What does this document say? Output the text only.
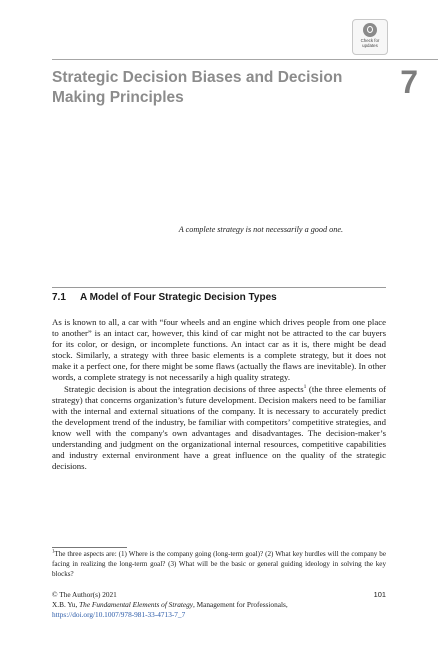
Check for
updates
Strategic Decision Biases and Decision Making Principles	7
A complete strategy is not necessarily a good one.
7.1 A Model of Four Strategic Decision Types

As is known to all, a car with “four wheels and an engine which drives people from one place to another” is an intact car, however, this kind of car might not be attracted to the car buyers for its color, or design, or incomplete functions. An intact car as it is, there might be dead stock. Similarly, a strategy with three basic elements is a complete strategy, but it does not make it a perfect one, for there might be some flaws (actually the flaws are inevitable). In other words, a complete strategy is not necessarily a high quality strategy.

Strategic decision is about the integration decisions of three aspects$^1$ (the three elements of strategy) that concerns organization’s future development. Decision makers need to be familiar with the internal and external situations of the company. It is necessary to accurately predict the development trend of the industry, be familiar with competitors’ competitive strategies, and know well with the company's own advantages and disadvantages. The decision-maker’s understanding and judgment on the organizational internal resources, competitive capabilities and industry external environment have a great influence on the quality of the strategic decisions.

$^1$The three aspects are: (1) Where is the company going (long-term goal)? (2) What key hurdles will the company be facing in realizing the long-term goal? (3) What will be the basic or general guiding ideology in solving the key blocks?
© The Author(s) 2021
X.B. Yu, The Fundamental Elements of Strategy, Management for Professionals,
https://doi.org/10.1007/978-981-33-4713-7_7
101
